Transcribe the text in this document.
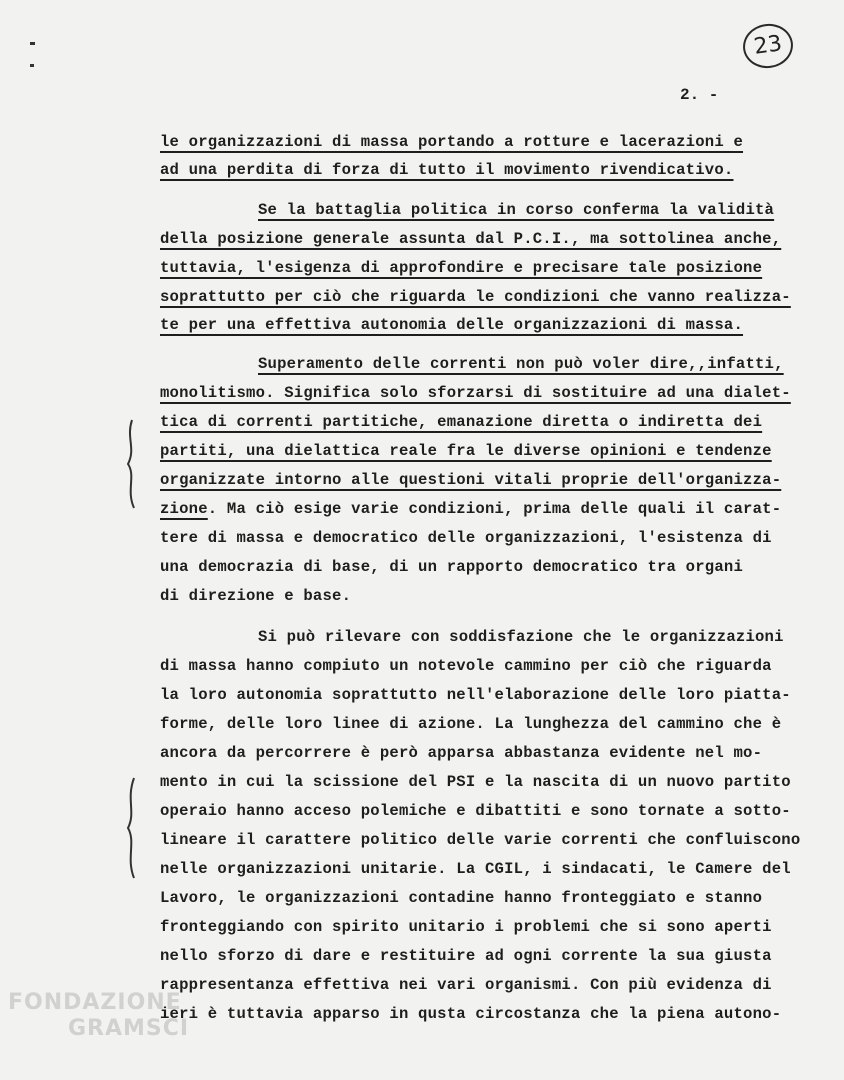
23
2. -
le organizzazioni di massa portando a rotture e lacerazioni e
ad una perdita di forza di tutto il movimento rivendicativo.
Se la battaglia politica in corso conferma la validità
della posizione generale assunta dal P.C.I., ma sottolinea anche,
tuttavia, l'esigenza di approfondire e precisare tale posizione
soprattutto per ciò che riguarda le condizioni che vanno realizza-
te per una effettiva autonomia delle organizzazioni di massa.
Superamento delle correnti non può voler dire,,infatti,
monolitismo. Significa solo sforzarsi di sostituire ad una dialet-
tica di correnti partitiche, emanazione diretta o indiretta dei
partiti, una dielattica reale fra le diverse opinioni e tendenze
organizzate intorno alle questioni vitali proprie dell'organizza-
zione. Ma ciò esige varie condizioni, prima delle quali il carat-
tere di massa e democratico delle organizzazioni, l'esistenza di
una democrazia di base, di un rapporto democratico tra organi
di direzione e base.
Si può rilevare con soddisfazione che le organizzazioni
di massa hanno compiuto un notevole cammino per ciò che riguarda
la loro autonomia soprattutto nell'elaborazione delle loro piatta-
forme, delle loro linee di azione. La lunghezza del cammino che è
ancora da percorrere è però apparsa abbastanza evidente nel mo-
mento in cui la scissione del PSI e la nascita di un nuovo partito
operaio hanno acceso polemiche e dibattiti e sono tornate a sotto-
lineare il carattere politico delle varie correnti che confluiscono
nelle organizzazioni unitarie. La CGIL, i sindacati, le Camere del
Lavoro, le organizzazioni contadine hanno fronteggiato e stanno
fronteggiando con spirito unitario i problemi che si sono aperti
nello sforzo di dare e restituire ad ogni corrente la sua giusta
rappresentanza effettiva nei vari organismi. Con più evidenza di
ieri è tuttavia apparso in qusta circostanza che la piena autono-
FONDAZIONE
GRAMSCI
